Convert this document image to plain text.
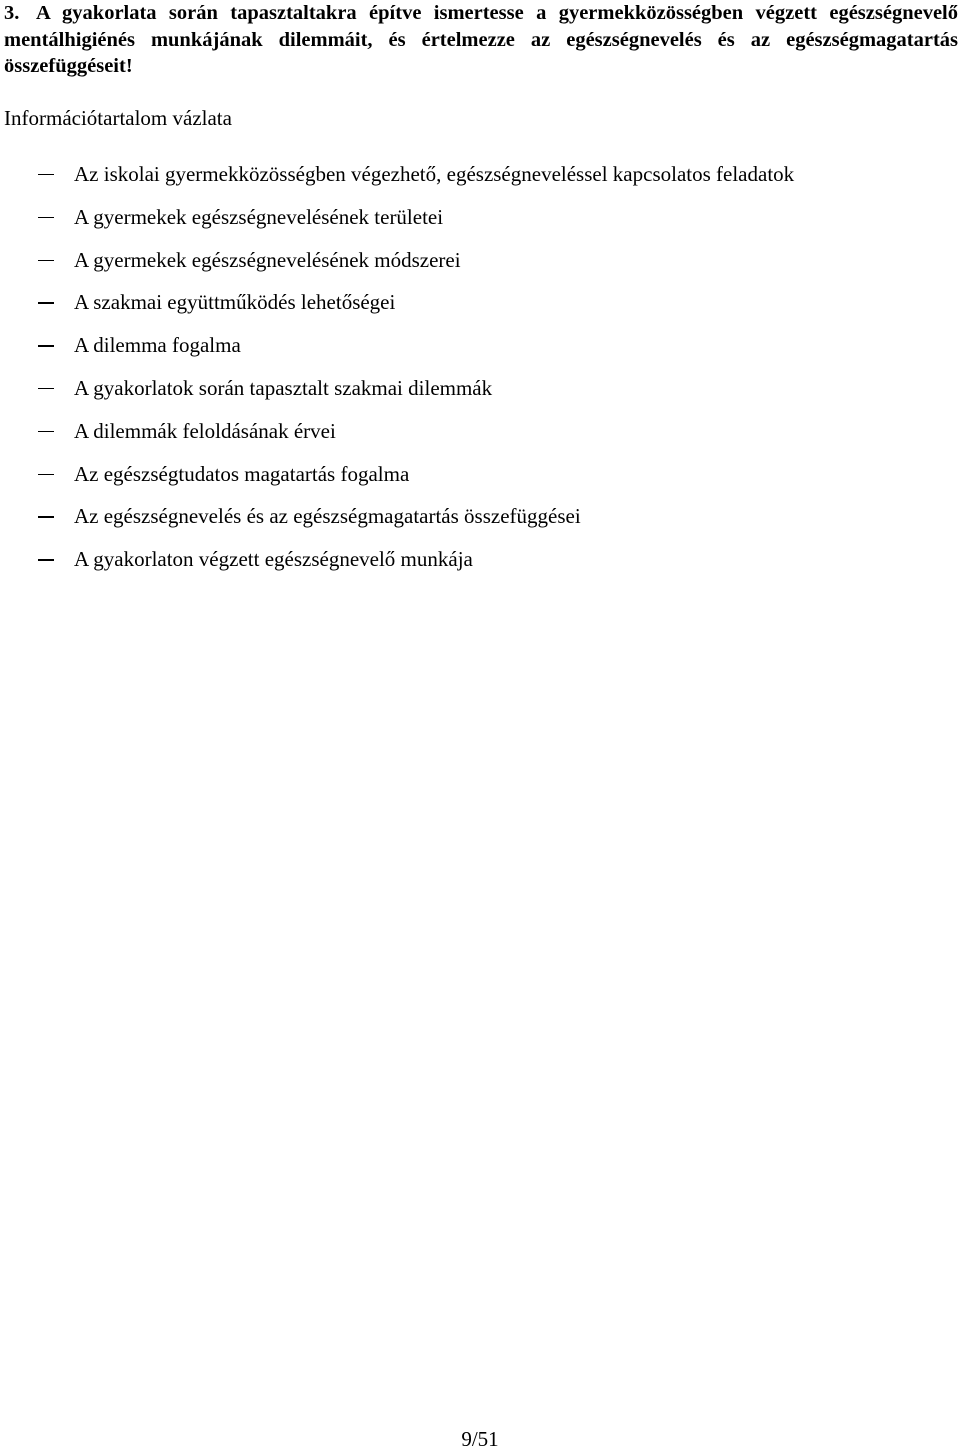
3. A gyakorlata során tapasztaltakra építve ismertesse a gyermekközösségben végzett egészségnevelő mentálhigiénés munkájának dilemmáit, és értelmezze az egészségnevelés és az egészségmagatartás összefüggéseit!
Információtartalom vázlata
Az iskolai gyermekközösségben végezhető, egészségneveléssel kapcsolatos feladatok
A gyermekek egészségnevelésének területei
A gyermekek egészségnevelésének módszerei
A szakmai együttműködés lehetőségei
A dilemma fogalma
A gyakorlatok során tapasztalt szakmai dilemmák
A dilemmák feloldásának érvei
Az egészségtudatos magatartás fogalma
Az egészségnevelés és az egészségmagatartás összefüggései
A gyakorlaton végzett egészségnevelő munkája
9/51
